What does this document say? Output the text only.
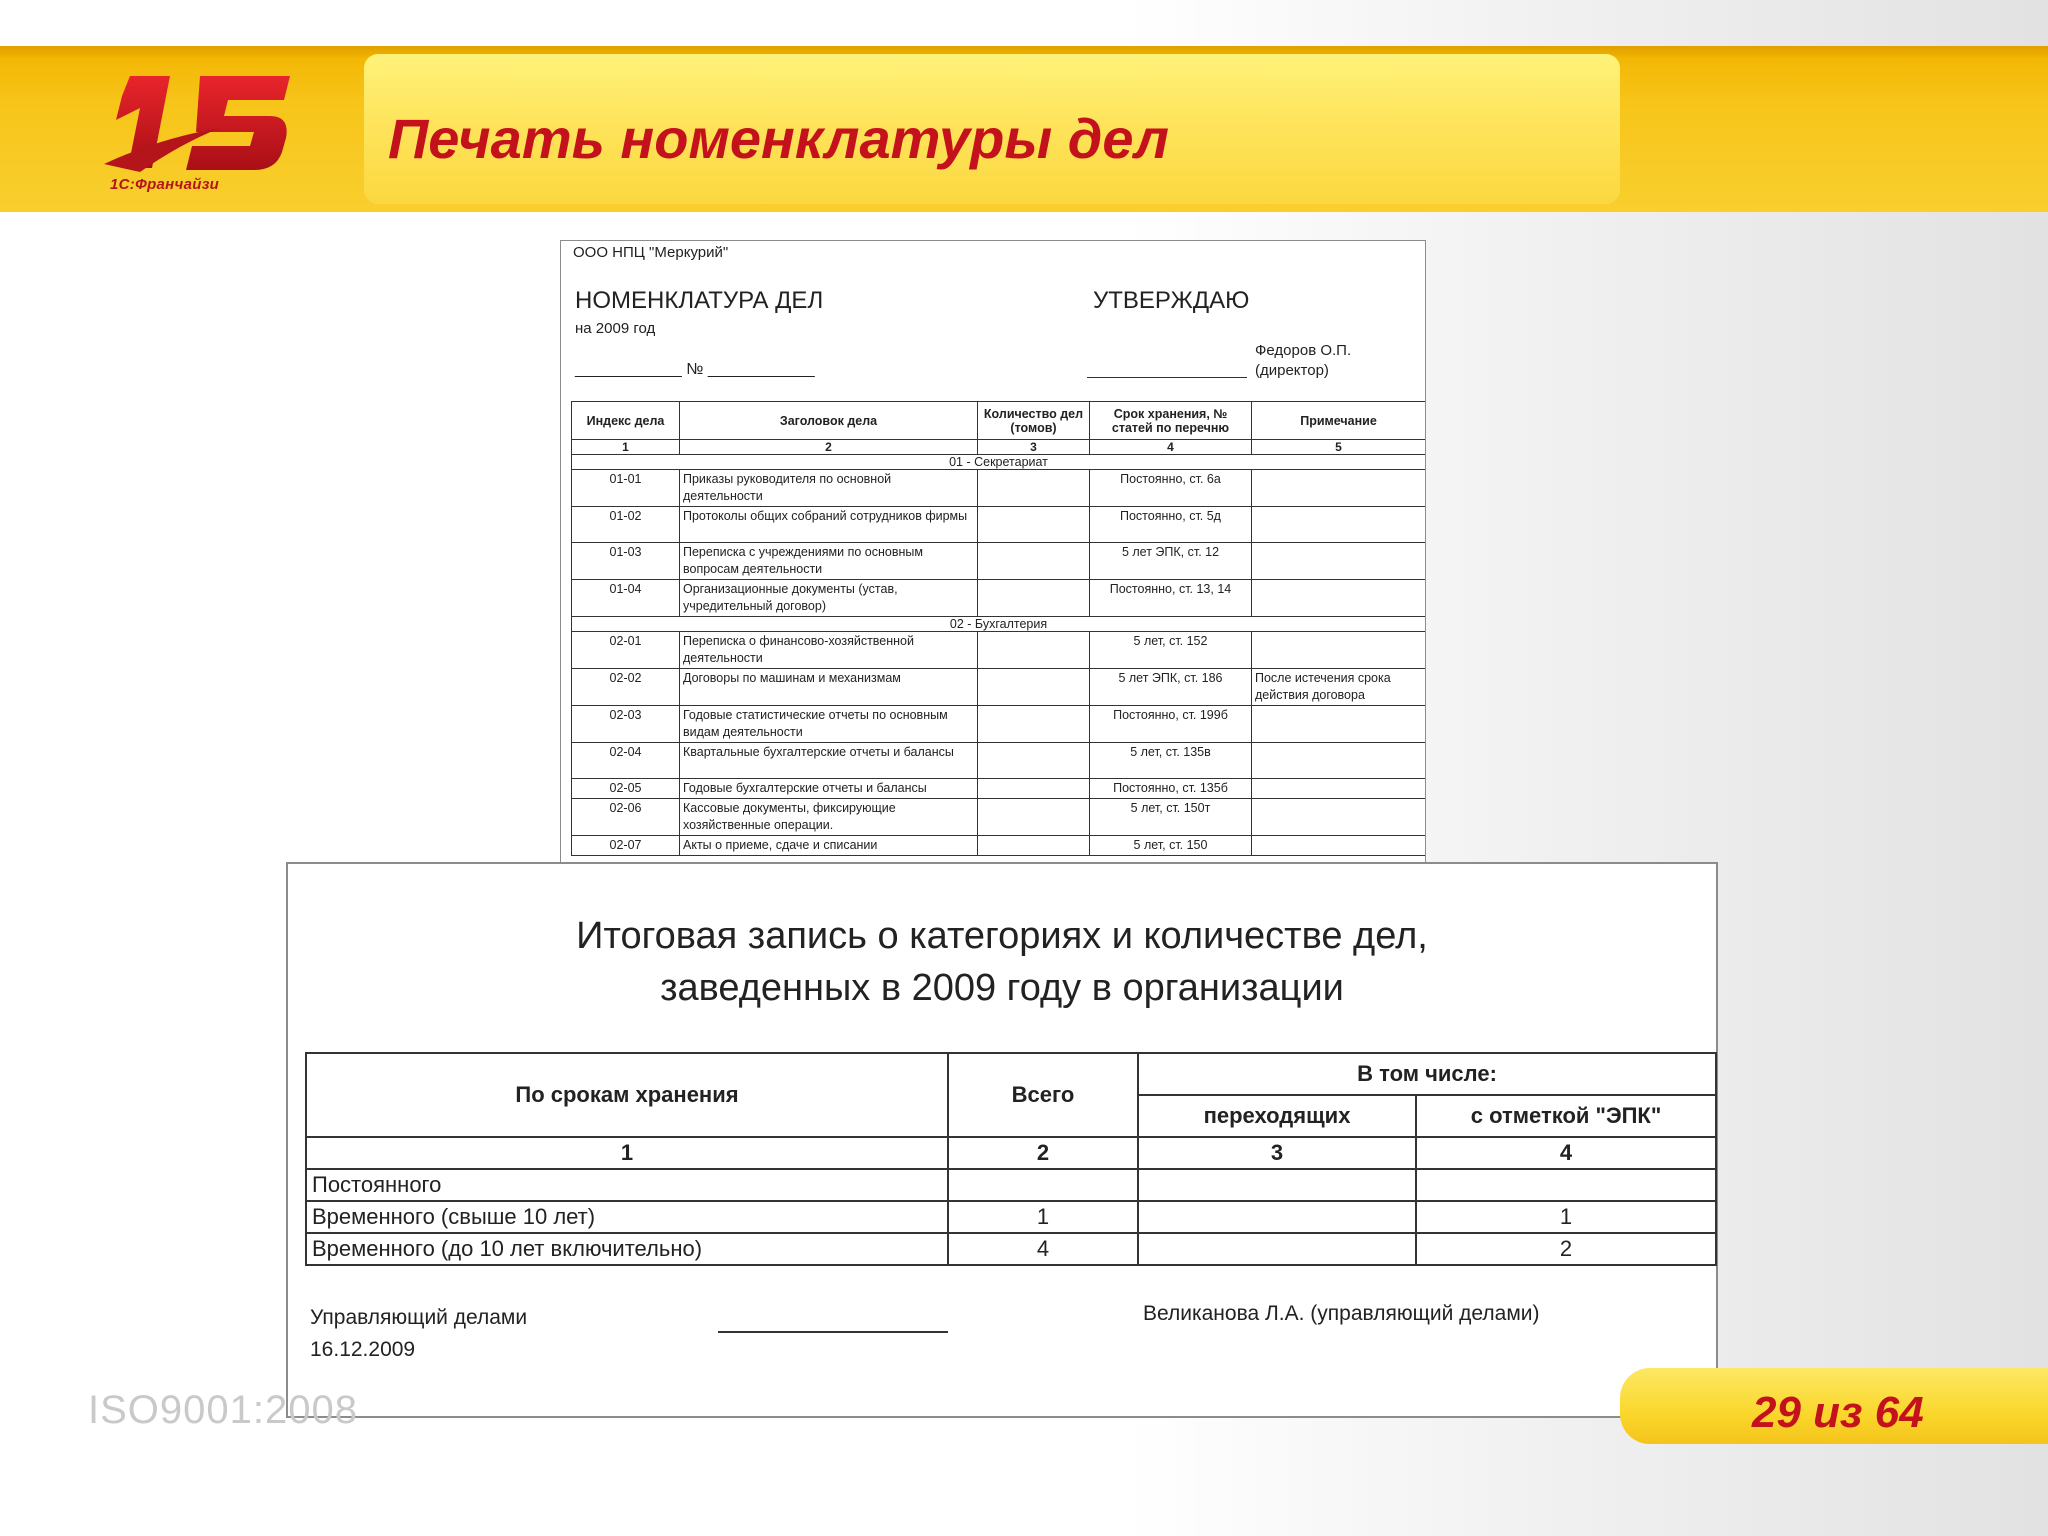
1С:Франчайзи
Печать номенклатуры дел
ООО НПЦ "Меркурий"
НОМЕНКЛАТУРА ДЕЛ
на 2009 год
____________ № ____________
УТВЕРЖДАЮ
Федоров О.П.
(директор)
Индекс дела	Заголовок дела	Количество дел (томов)	Срок хранения, № статей по перечню	Примечание
1	2	3	4	5
01 - Секретариат				
01-01	Приказы руководителя по основной деятельности		Постоянно, ст. 6а	
01-02	Протоколы общих собраний сотрудников фирмы		Постоянно, ст. 5д	
01-03	Переписка с учреждениями по основным вопросам деятельности		5 лет ЭПК, ст. 12	
01-04	Организационные документы (устав, учредительный договор)		Постоянно, ст. 13, 14	
02 - Бухгалтерия				
02-01	Переписка о финансово-хозяйственной деятельности		5 лет, ст. 152	
02-02	Договоры по машинам и механизмам		5 лет ЭПК, ст. 186	После истечения срока действия договора
02-03	Годовые статистические отчеты по основным видам деятельности		Постоянно, ст. 199б	
02-04	Квартальные бухгалтерские отчеты и балансы		5 лет, ст. 135в	
02-05	Годовые бухгалтерские отчеты и балансы		Постоянно, ст. 135б	
02-06	Кассовые документы, фиксирующие хозяйственные операции.		5 лет, ст. 150т	
02-07	Акты о приеме, сдаче и списании		5 лет, ст. 150	
Итоговая запись о категориях и количестве дел,
заведенных в 2009 году в организации
По срокам хранения	Всего	В том числе:	
		переходящих	с отметкой "ЭПК"
1	2	3	4
Постоянного			
Временного (свыше 10 лет)	1		1
Временного (до 10 лет включительно)	4		2
Управляющий делами
16.12.2009
Великанова Л.А. (управляющий делами)
ISO9001:2008	29 из 64
